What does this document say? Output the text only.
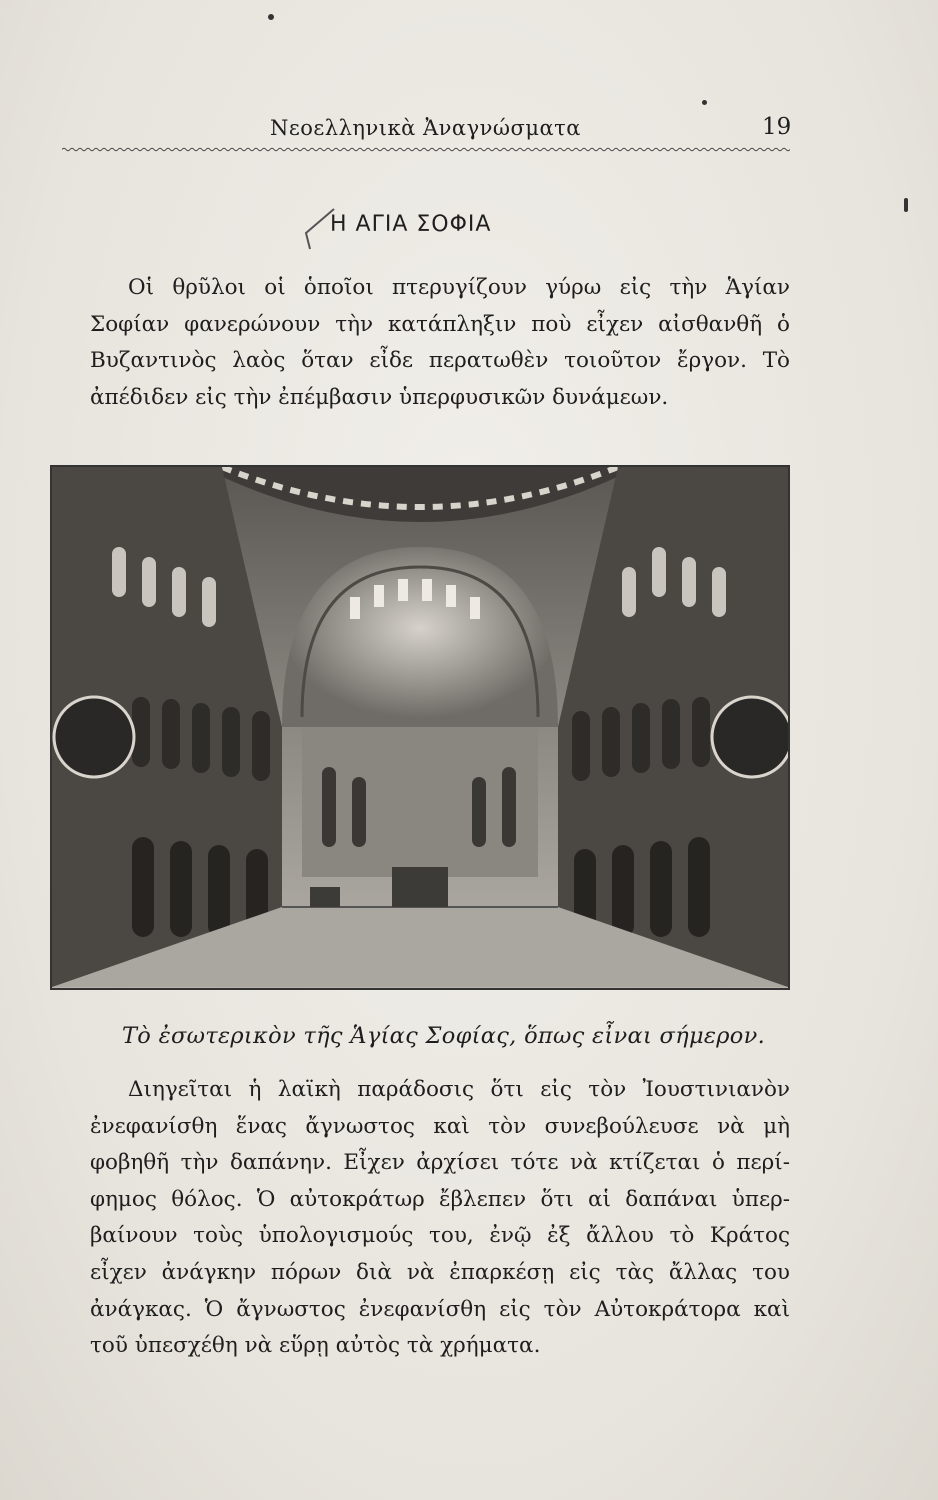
Νεοελληνικὰ Ἀναγνώσματα	19
Η ΑΓΙΑ ΣΟΦΙΑ
Οἱ θρῦλοι οἱ ὁποῖοι πτερυγίζουν γύρω εἰς τὴν Ἁγίαν
Σοφίαν φανερώνουν τὴν κατάπληξιν ποὺ εἶχεν αἰσθανθῆ ὁ
Βυζαντινὸς λαὸς ὅταν εἶδε περατωθὲν τοιοῦτον ἔργον. Τὸ
ἀπέδιδεν εἰς τὴν ἐπέμβασιν ὑπερφυσικῶν δυνάμεων.
Τὸ ἐσωτερικὸν τῆς Ἁγίας Σοφίας, ὅπως εἶναι σήμερον.
Διηγεῖται ἡ λαϊκὴ παράδοσις ὅτι εἰς τὸν Ἰουστινιανὸν
ἐνεφανίσθη ἕνας ἄγνωστος καὶ τὸν συνεβούλευσε νὰ μὴ
φοβηθῆ τὴν δαπάνην. Εἶχεν ἀρχίσει τότε νὰ κτίζεται ὁ περί-
φημος θόλος. Ὁ αὐτοκράτωρ ἔβλεπεν ὅτι αἱ δαπάναι ὑπερ-
βαίνουν τοὺς ὑπολογισμούς του, ἐνῷ ἐξ ἄλλου τὸ Κράτος
εἶχεν ἀνάγκην πόρων διὰ νὰ ἐπαρκέσῃ εἰς τὰς ἄλλας του
ἀνάγκας. Ὁ ἄγνωστος ἐνεφανίσθη εἰς τὸν Αὐτοκράτορα καὶ
τοῦ ὑπεσχέθη νὰ εὕρῃ αὐτὸς τὰ χρήματα.
